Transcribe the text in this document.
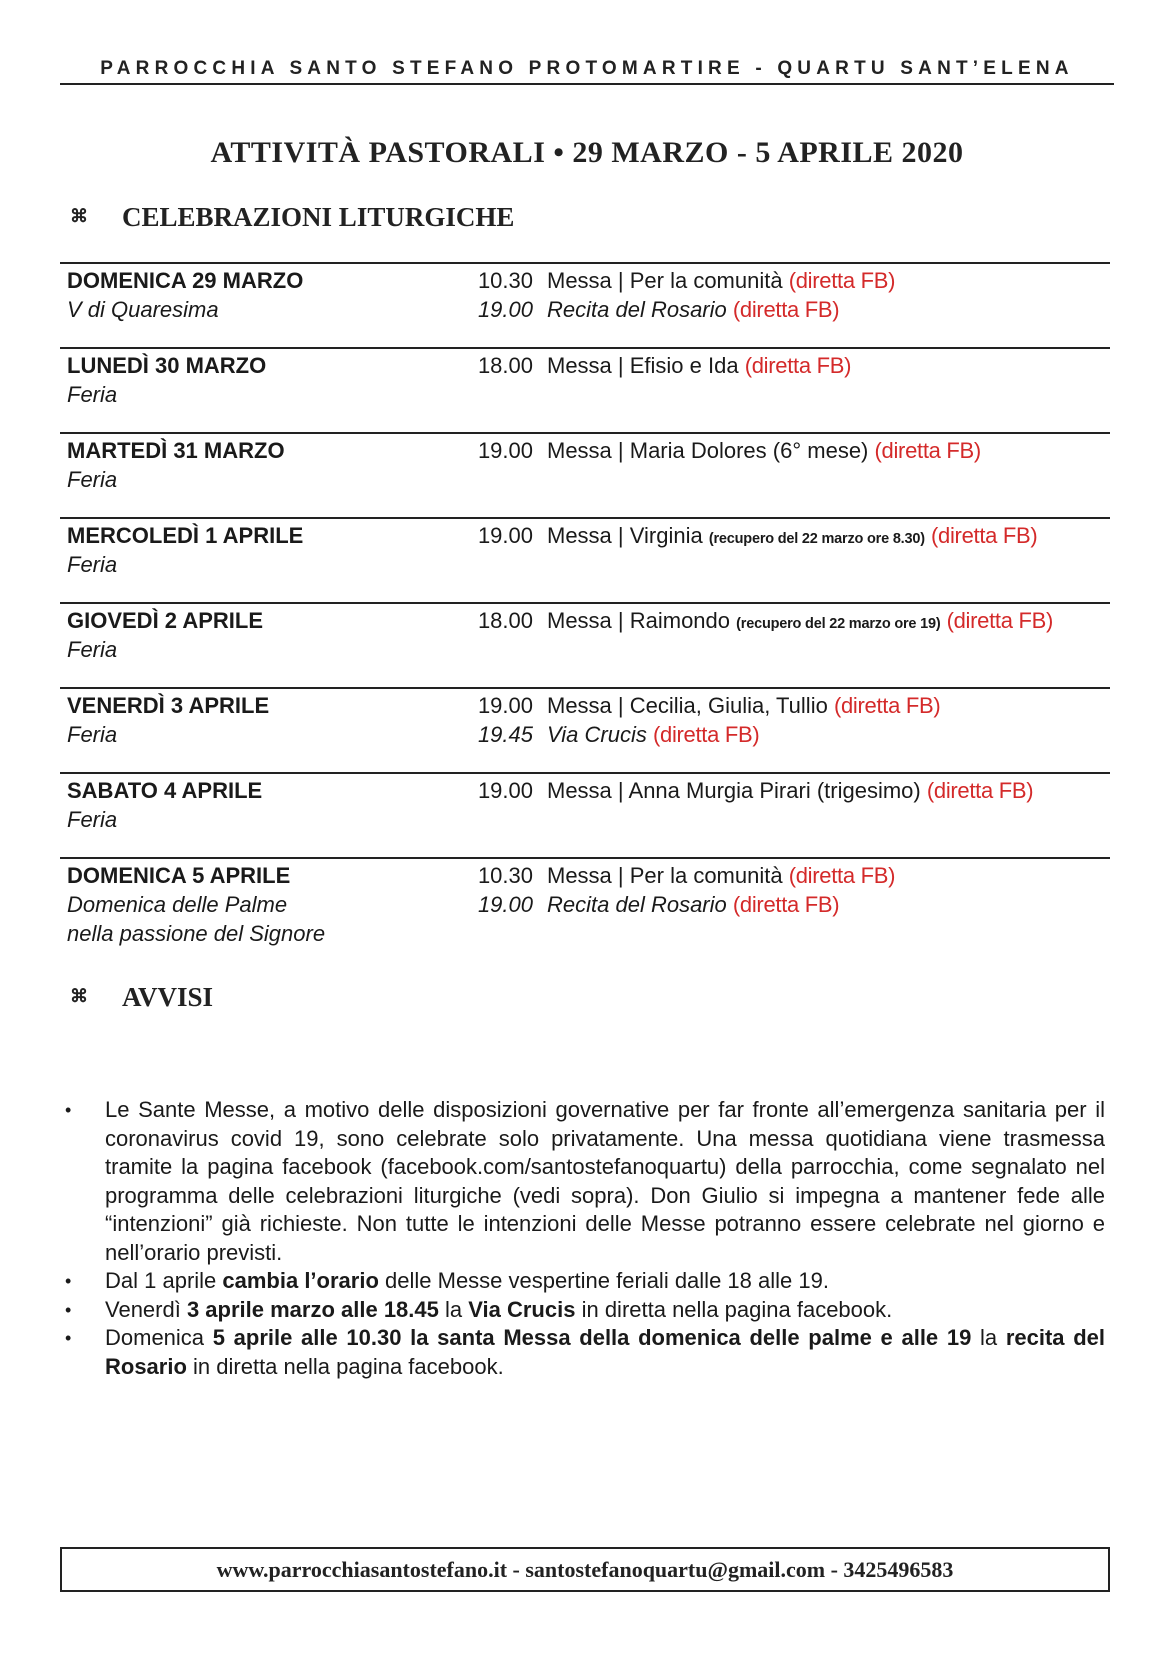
PARROCCHIA SANTO STEFANO PROTOMARTIRE - QUARTU SANT’ELENA
ATTIVITÀ PASTORALI • 29 MARZO - 5 APRILE 2020
⌘	CELEBRAZIONI LITURGICHE
DOMENICA 29 MARZO
V di Quaresima
10.30
19.00
Messa | Per la comunità (diretta FB)
Recita del Rosario (diretta FB)
LUNEDÌ 30 MARZO
Feria
18.00 Messa | Efisio e Ida (diretta FB)
MARTEDÌ 31 MARZO
Feria
19.00 Messa | Maria Dolores (6° mese) (diretta FB)
MERCOLEDÌ 1 APRILE
Feria
19.00 Messa | Virginia (recupero del 22 marzo ore 8.30) (diretta FB)
GIOVEDÌ 2 APRILE
Feria
18.00 Messa | Raimondo (recupero del 22 marzo ore 19) (diretta FB)
VENERDÌ 3 APRILE
Feria
19.00
19.45
Messa | Cecilia, Giulia, Tullio (diretta FB)
Via Crucis (diretta FB)
SABATO 4 APRILE
Feria
19.00 Messa | Anna Murgia Pirari (trigesimo) (diretta FB)
DOMENICA 5 APRILE
Domenica delle Palme
nella passione del Signore
10.30
19.00
Messa | Per la comunità (diretta FB)
Recita del Rosario (diretta FB)
⌘	AVVISI
• Le Sante Messe, a motivo delle disposizioni governative per far fronte all’emergenza sanitaria per il coronavirus covid 19, sono celebrate solo privatamente. Una messa quotidiana viene trasmessa tramite la pagina facebook (facebook.com/santostefanoquartu) della parrocchia, come segnalato nel programma delle celebrazioni liturgiche (vedi sopra). Don Giulio si impegna a mantener fede alle “intenzioni” già richieste. Non tutte le intenzioni delle Messe potranno essere celebrate nel giorno e nell’orario previsti.
• Dal 1 aprile cambia l’orario delle Messe vespertine feriali dalle 18 alle 19.
• Venerdì 3 aprile marzo alle 18.45 la Via Crucis in diretta nella pagina facebook.
• Domenica 5 aprile alle 10.30 la santa Messa della domenica delle palme e alle 19 la recita del Rosario in diretta nella pagina facebook.
www.parrocchiasantostefano.it - santostefanoquartu@gmail.com - 3425496583
